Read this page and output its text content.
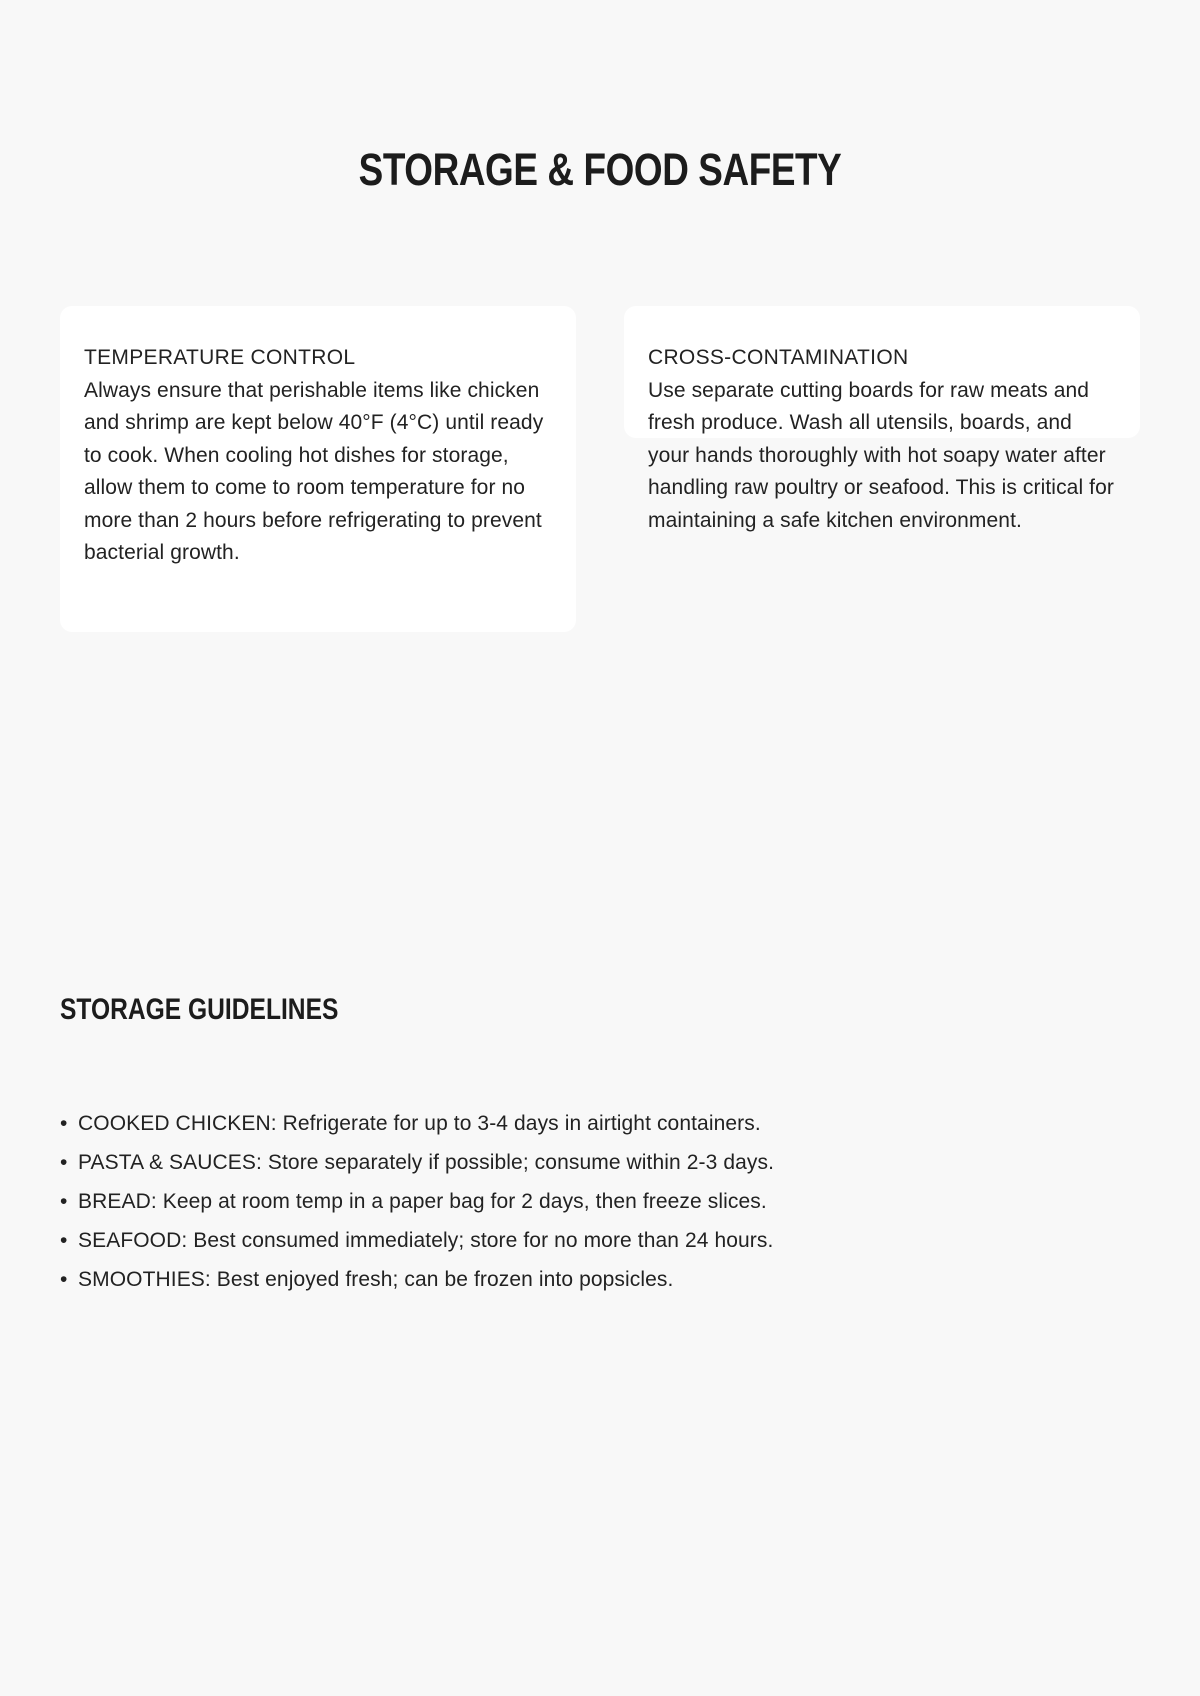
STORAGE & FOOD SAFETY

TEMPERATURE CONTROL

Always ensure that perishable items like chicken and shrimp are kept below 40°F (4°C) until ready to cook. When cooling hot dishes for storage, allow them to come to room temperature for no more than 2 hours before refrigerating to prevent bacterial growth.

CROSS-CONTAMINATION

Use separate cutting boards for raw meats and fresh produce. Wash all utensils, boards, and your hands thoroughly with hot soapy water after handling raw poultry or seafood. This is critical for maintaining a safe kitchen environment.

STORAGE GUIDELINES
• COOKED CHICKEN: Refrigerate for up to 3-4 days in airtight containers.
• PASTA & SAUCES: Store separately if possible; consume within 2-3 days.
• BREAD: Keep at room temp in a paper bag for 2 days, then freeze slices.
• SEAFOOD: Best consumed immediately; store for no more than 24 hours.
• SMOOTHIES: Best enjoyed fresh; can be frozen into popsicles.
